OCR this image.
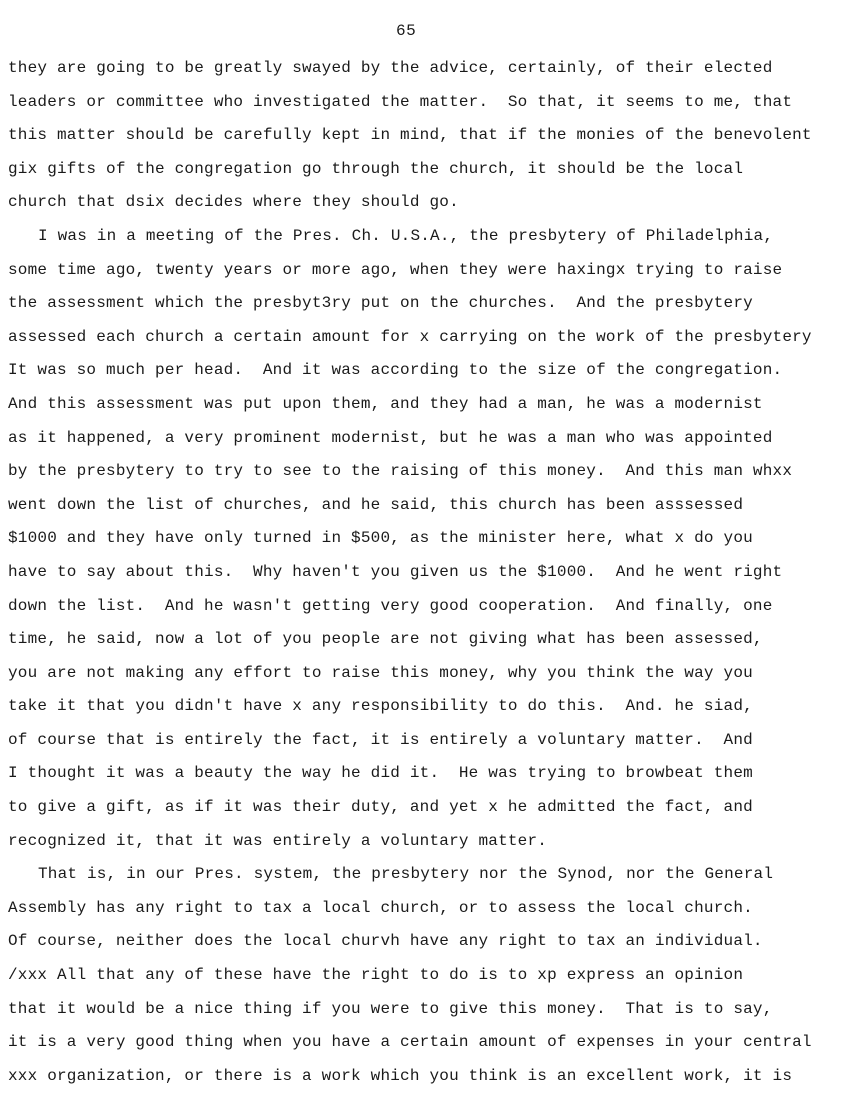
65
they are going to be greatly swayed by the advice, certainly, of their elected
leaders or committee who investigated the matter.  So that, it seems to me, that
this matter should be carefully kept in mind, that if the monies of the benevolent
gix gifts of the congregation go through the church, it should be the local
church that dsix decides where they should go.
I was in a meeting of the Pres. Ch. U.S.A., the presbytery of Philadelphia,
some time ago, twenty years or more ago, when they were haxingx trying to raise
the assessment which the presbyt3ry put on the churches.  And the presbytery
assessed each church a certain amount for x carrying on the work of the presbytery
It was so much per head.  And it was according to the size of the congregation.
And this assessment was put upon them, and they had a man, he was a modernist
as it happened, a very prominent modernist, but he was a man who was appointed
by the presbytery to try to see to the raising of this money.  And this man whxx
went down the list of churches, and he said, this church has been asssessed
$1000 and they have only turned in $500, as the minister here, what x do you
have to say about this.  Why haven't you given us the $1000.  And he went right
down the list.  And he wasn't getting very good cooperation.  And finally, one
time, he said, now a lot of you people are not giving what has been assessed,
you are not making any effort to raise this money, why you think the way you
take it that you didn't have x any responsibility to do this.  And. he siad,
of course that is entirely the fact, it is entirely a voluntary matter.  And
I thought it was a beauty the way he did it.  He was trying to browbeat them
to give a gift, as if it was their duty, and yet x he admitted the fact, and
recognized it, that it was entirely a voluntary matter.
That is, in our Pres. system, the presbytery nor the Synod, nor the General
Assembly has any right to tax a local church, or to assess the local church.
Of course, neither does the local churvh have any right to tax an individual.
/xxx All that any of these have the right to do is to xp express an opinion
that it would be a nice thing if you were to give this money.  That is to say,
it is a very good thing when you have a certain amount of expenses in your central
xxx organization, or there is a work which you think is an excellent work, it is
